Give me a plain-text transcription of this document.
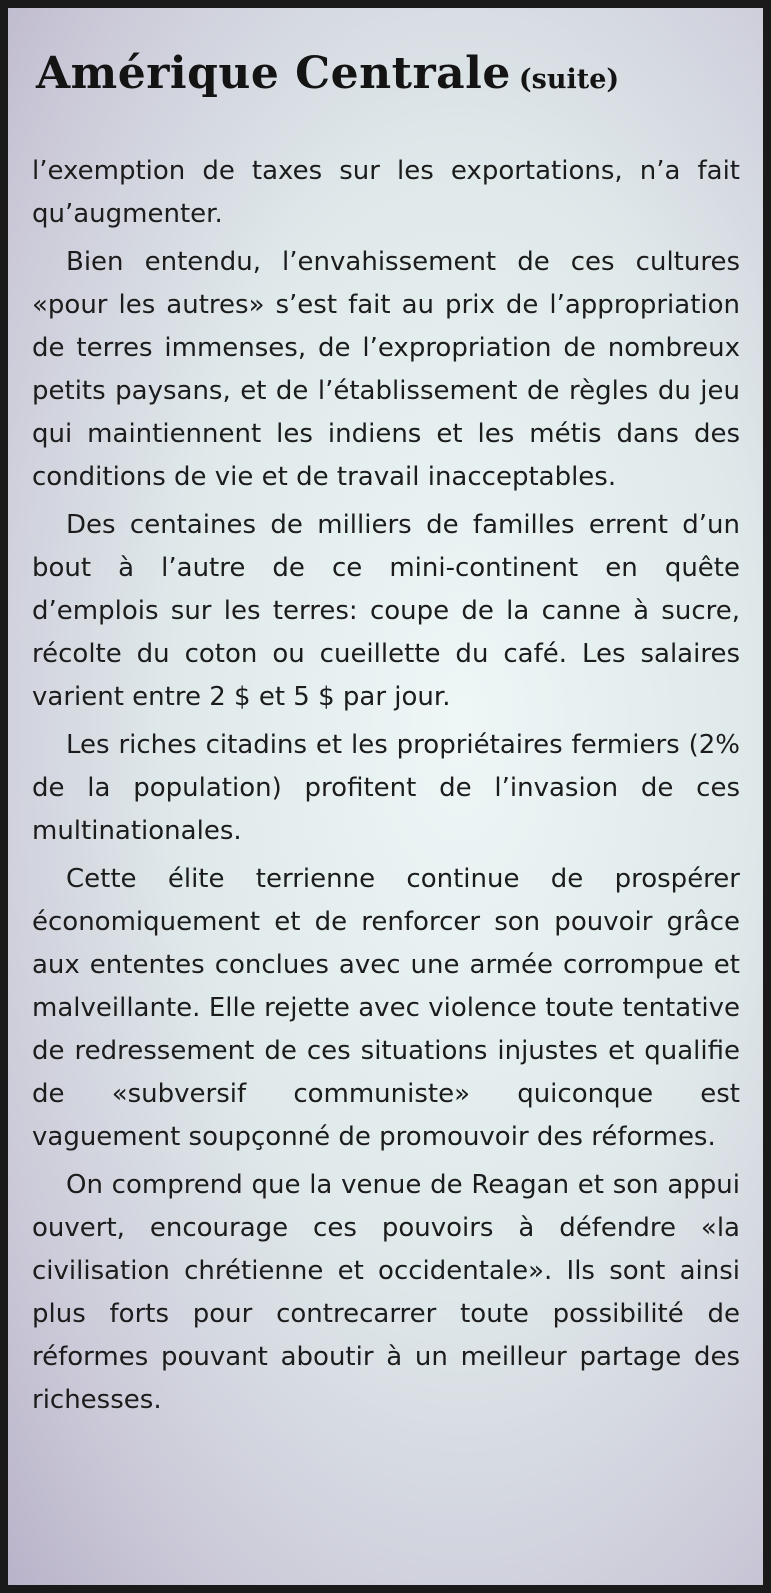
Amérique Centrale (suite)

l’exemption de taxes sur les exportations, n’a fait qu’augmenter.

Bien entendu, l’envahissement de ces cultures «pour les autres» s’est fait au prix de l’appropriation de terres immenses, de l’expropriation de nombreux petits paysans, et de l’établissement de règles du jeu qui maintiennent les indiens et les métis dans des conditions de vie et de travail inacceptables.

Des centaines de milliers de familles errent d’un bout à l’autre de ce mini-continent en quête d’emplois sur les terres: coupe de la canne à sucre, récolte du coton ou cueillette du café. Les salaires varient entre 2 $ et 5 $ par jour.

Les riches citadins et les propriétaires fermiers (2% de la population) profitent de l’invasion de ces multinationales.

Cette élite terrienne continue de prospérer économiquement et de renforcer son pouvoir grâce aux ententes conclues avec une armée corrompue et malveillante. Elle rejette avec violence toute tentative de redressement de ces situations injustes et qualifie de «subversif communiste» quiconque est vaguement soupçonné de promouvoir des réformes.

On comprend que la venue de Reagan et son appui ouvert, encourage ces pouvoirs à défendre «la civilisation chrétienne et occidentale». Ils sont ainsi plus forts pour contrecarrer toute possibilité de réformes pouvant aboutir à un meilleur partage des richesses.
